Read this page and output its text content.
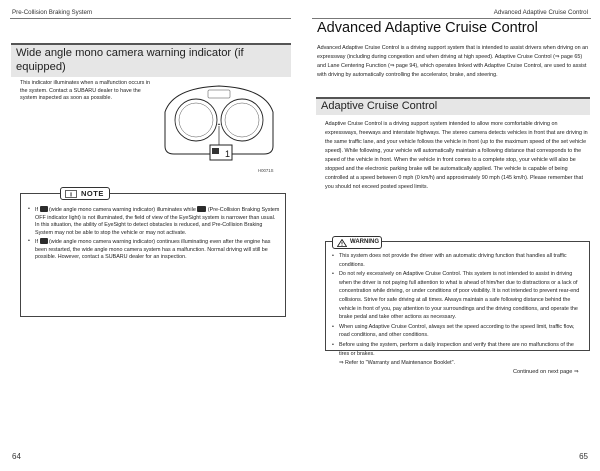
Pre-Collision Braking System
Wide angle mono camera warning indicator (if equipped)
This indicator illuminates when a malfunction occurs in the system. Contact a SUBARU dealer to have the system inspected as soon as possible.
1
H0071S
i NOTE
• If (wide angle mono camera warning indicator) illuminates while (Pre-Collision Braking System OFF indicator light) is not illuminated, the field of view of the EyeSight system is narrower than usual. In this situation, the ability of EyeSight to detect obstacles is reduced, and Pre-Collision Braking System may not be able to stop the vehicle or may not activate.
• If (wide angle mono camera warning indicator) continues illuminating even after the engine has been restarted, the wide angle mono camera system has a malfunction. Normal driving will still be possible. However, contact a SUBARU dealer for an inspection.
64
Advanced Adaptive Cruise Control
Advanced Adaptive Cruise Control
Advanced Adaptive Cruise Control is a driving support system that is intended to assist drivers when driving on an expressway (including during congestion and when driving at high speed). Adaptive Cruise Control (⇒ page 65) and Lane Centering Function (⇒ page 94), which operates linked with Adaptive Cruise Control, are used to assist with driving by automatically controlling the accelerator, brake, and steering.
Adaptive Cruise Control
Adaptive Cruise Control is a driving support system intended to allow more comfortable driving on expressways, freeways and interstate highways. The stereo camera detects vehicles in front that are driving in the same traffic lane, and your vehicle follows the vehicle in front (up to the maximum speed of the set vehicle speed). While following, your vehicle will automatically maintain a following distance that corresponds to the speed of the vehicle in front. When the vehicle in front comes to a complete stop, your vehicle will also be stopped and the electronic parking brake will be automatically applied. The vehicle is capable of being controlled at a speed between 0 mph (0 km/h) and approximately 90 mph (145 km/h). Please remember that you should not exceed posted speed limits.
WARNING
• This system does not provide the driver with an automatic driving function that handles all traffic conditions.
• Do not rely excessively on Adaptive Cruise Control. This system is not intended to assist in driving when the driver is not paying full attention to what is ahead of him/her due to distractions or a lack of concentration while driving, or under conditions of poor visibility. It is not intended to prevent rear-end collisions. Strive for safe driving at all times. Always maintain a safe following distance behind the vehicle in front of you, pay attention to your surroundings and the driving conditions, and operate the brake pedal and take other actions as necessary.
• When using Adaptive Cruise Control, always set the speed according to the speed limit, traffic flow, road conditions, and other conditions.
• Before using the system, perform a daily inspection and verify that there are no malfunctions of the tires or brakes.
⇒ Refer to "Warranty and Maintenance Booklet".
Continued on next page ⇒
65
